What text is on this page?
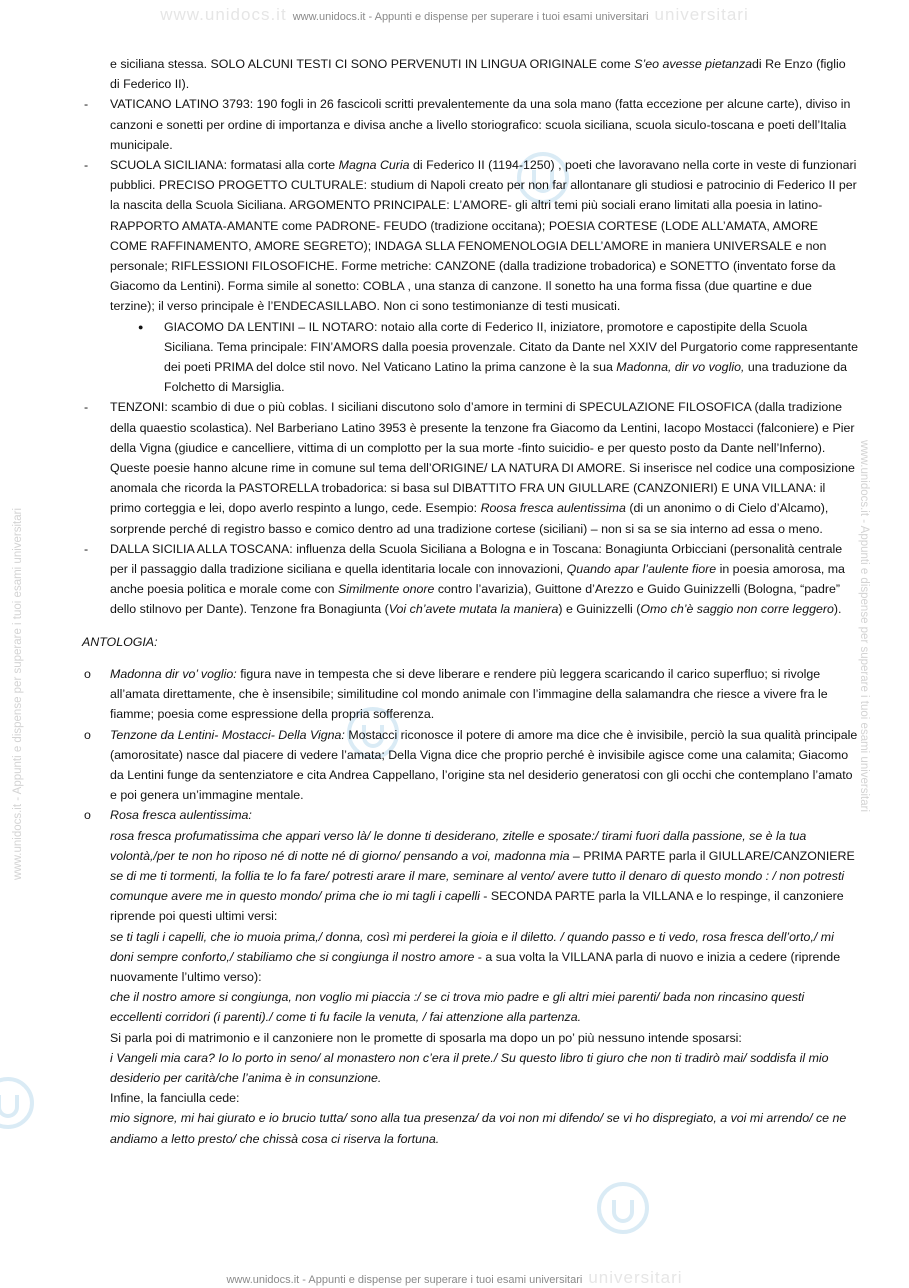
www.unidocs.it www.unidocs.it - Appunti e dispense per superare i tuoi esami universitari universitari
www.unidocs.it - Appunti e dispense per superare i tuoi esami universitari universitari
www.unidocs.it - Appunti e dispense per superare i tuoi esami universitari	www.unidocs.it - Appunti e dispense per superare i tuoi esami universitari

e siciliana stessa. SOLO ALCUNI TESTI CI SONO PERVENUTI IN LINGUA ORIGINALE come S’eo avesse pietanzadi Re Enzo (figlio di Federico II).

- VATICANO LATINO 3793: 190 fogli in 26 fascicoli scritti prevalentemente da una sola mano (fatta eccezione per alcune carte), diviso in canzoni e sonetti per ordine di importanza e divisa anche a livello storiografico: scuola siciliana, scuola siculo-toscana e poeti dell’Italia municipale.

- SCUOLA SICILIANA: formatasi alla corte Magna Curia di Federico II (1194-1250) , poeti che lavoravano nella corte in veste di funzionari pubblici. PRECISO PROGETTO CULTURALE: studium di Napoli creato per non far allontanare gli studiosi e patrocinio di Federico II per la nascita della Scuola Siciliana. ARGOMENTO PRINCIPALE: L’AMORE- gli altri temi più sociali erano limitati alla poesia in latino- RAPPORTO AMATA-AMANTE come PADRONE- FEUDO (tradizione occitana); POESIA CORTESE (LODE ALL’AMATA, AMORE COME RAFFINAMENTO, AMORE SEGRETO); INDAGA SLLA FENOMENOLOGIA DELL’AMORE in maniera UNIVERSALE e non personale; RIFLESSIONI FILOSOFICHE. Forme metriche: CANZONE (dalla tradizione trobadorica) e SONETTO (inventato forse da Giacomo da Lentini). Forma simile al sonetto: COBLA , una stanza di canzone. Il sonetto ha una forma fissa (due quartine e due terzine); il verso principale è l’ENDECASILLABO. Non ci sono testimonianze di testi musicati.

● GIACOMO DA LENTINI – IL NOTARO: notaio alla corte di Federico II, iniziatore, promotore e capostipite della Scuola Siciliana. Tema principale: FIN’AMORS dalla poesia provenzale. Citato da Dante nel XXIV del Purgatorio come rappresentante dei poeti PRIMA del dolce stil novo. Nel Vaticano Latino la prima canzone è la sua Madonna, dir vo voglio, una traduzione da Folchetto di Marsiglia.

- TENZONI: scambio di due o più coblas. I siciliani discutono solo d’amore in termini di SPECULAZIONE FILOSOFICA (dalla tradizione della quaestio scolastica). Nel Barberiano Latino 3953 è presente la tenzone fra Giacomo da Lentini, Iacopo Mostacci (falconiere) e Pier della Vigna (giudice e cancelliere, vittima di un complotto per la sua morte -finto suicidio- e per questo posto da Dante nell’Inferno). Queste poesie hanno alcune rime in comune sul tema dell’ORIGINE/ LA NATURA DI AMORE. Si inserisce nel codice una composizione anomala che ricorda la PASTORELLA trobadorica: si basa sul DIBATTITO FRA UN GIULLARE (CANZONIERI) E UNA VILLANA: il primo corteggia e lei, dopo averlo respinto a lungo, cede. Esempio: Roosa fresca aulentissima (di un anonimo o di Cielo d’Alcamo), sorprende perché di registro basso e comico dentro ad una tradizione cortese (siciliani) – non si sa se sia interno ad essa o meno.

- DALLA SICILIA ALLA TOSCANA: influenza della Scuola Siciliana a Bologna e in Toscana: Bonagiunta Orbicciani (personalità centrale per il passaggio dalla tradizione siciliana e quella identitaria locale con innovazioni, Quando apar l’aulente fiore in poesia amorosa, ma anche poesia politica e morale come con Similmente onore contro l’avarizia), Guittone d’Arezzo e Guido Guinizzelli (Bologna, “padre” dello stilnovo per Dante). Tenzone fra Bonagiunta (Voi ch’avete mutata la maniera) e Guinizzelli (Omo ch’è saggio non corre leggero).

ANTOLOGIA:

o Madonna dir vo’ voglio: figura nave in tempesta che si deve liberare e rendere più leggera scaricando il carico superfluo; si rivolge all’amata direttamente, che è insensibile; similitudine col mondo animale con l’immagine della salamandra che riesce a vivere fra le fiamme; poesia come espressione della propria sofferenza.

o Tenzone da Lentini- Mostacci- Della Vigna: Mostacci riconosce il potere di amore ma dice che è invisibile, perciò la sua qualità principale (amorositate) nasce dal piacere di vedere l’amata; Della Vigna dice che proprio perché è invisibile agisce come una calamita; Giacomo da Lentini funge da sentenziatore e cita Andrea Cappellano, l’origine sta nel desiderio generatosi con gli occhi che contemplano l’amato e poi genera un’immagine mentale.

o Rosa fresca aulentissima:

rosa fresca profumatissima che appari verso là/ le donne ti desiderano, zitelle e sposate:/ tirami fuori dalla passione, se è la tua volontà,/per te non ho riposo né di notte né di giorno/ pensando a voi, madonna mia – PRIMA PARTE parla il GIULLARE/CANZONIERE

se di me ti tormenti, la follia te lo fa fare/ potresti arare il mare, seminare al vento/ avere tutto il denaro di questo mondo : / non potresti comunque avere me in questo mondo/ prima che io mi tagli i capelli - SECONDA PARTE parla la VILLANA e lo respinge, il canzoniere riprende poi questi ultimi versi:

se ti tagli i capelli, che io muoia prima,/ donna, così mi perderei la gioia e il diletto. / quando passo e ti vedo, rosa fresca dell’orto,/ mi doni sempre conforto,/ stabiliamo che si congiunga il nostro amore - a sua volta la VILLANA parla di nuovo e inizia a cedere (riprende nuovamente l’ultimo verso):

che il nostro amore si congiunga, non voglio mi piaccia :/ se ci trova mio padre e gli altri miei parenti/ bada non rincasino questi eccellenti corridori (i parenti)./ come ti fu facile la venuta, / fai attenzione alla partenza.

Si parla poi di matrimonio e il canzoniere non le promette di sposarla ma dopo un po’ più nessuno intende sposarsi:

i Vangeli mia cara? Io lo porto in seno/ al monastero non c’era il prete./ Su questo libro ti giuro che non ti tradirò mai/ soddisfa il mio desiderio per carità/che l’anima è in consunzione.

Infine, la fanciulla cede:

mio signore, mi hai giurato e io brucio tutta/ sono alla tua presenza/ da voi non mi difendo/ se vi ho dispregiato, a voi mi arrendo/ ce ne andiamo a letto presto/ che chissà cosa ci riserva la fortuna.
